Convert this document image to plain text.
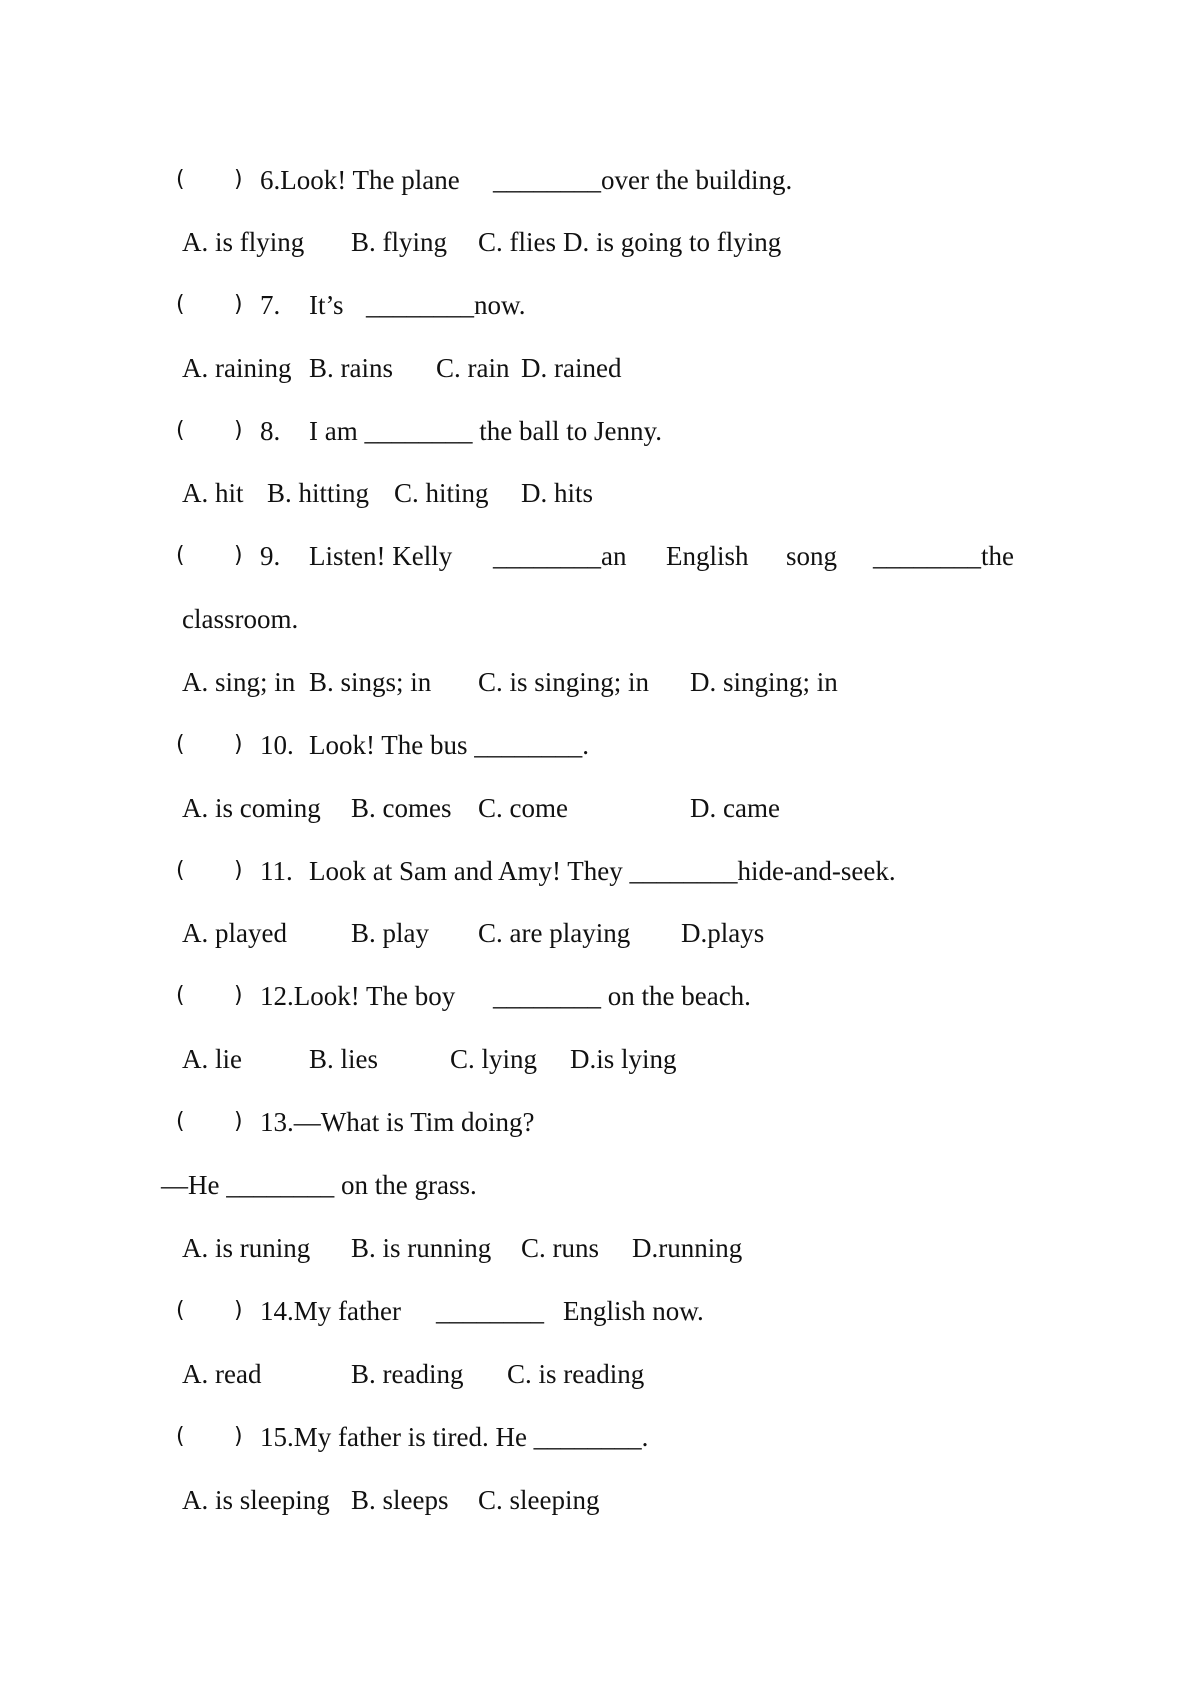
(

)

6.Look! The plane

________over the building.

A. is flying

B. flying

C. flies

D. is going to flying

(

)

7.

It’s

________now.

A. raining

B. rains

C. rain

D. rained

(

)

8.

I am ________ the ball to Jenny.

A. hit

B. hitting

C. hiting

D. hits

(

)

9.

Listen! Kelly

________an

English

song

________the

classroom.

A. sing; in

B. sings; in

C. is singing; in

D. singing; in

(

)

10.

Look! The bus ________.

A. is coming

B. comes

C. come

	D. came

(

)

11.

Look at Sam and Amy! They ________hide-and-seek.

A. played

B. play

C. are playing

D.plays

(

)

12.Look! The boy

________ on the beach.

A. lie

B. lies

	C. lying

D.is lying

(

)

13.—What is Tim doing?

—He ________ on the grass.

A. is runing

B. is running

C. runs

D.running

(

)

14.My father

________

English now.

A. read

	B. reading

C. is reading

(

)

15.My father is tired. He ________.

A. is sleeping

B. sleeps

C. sleeping
